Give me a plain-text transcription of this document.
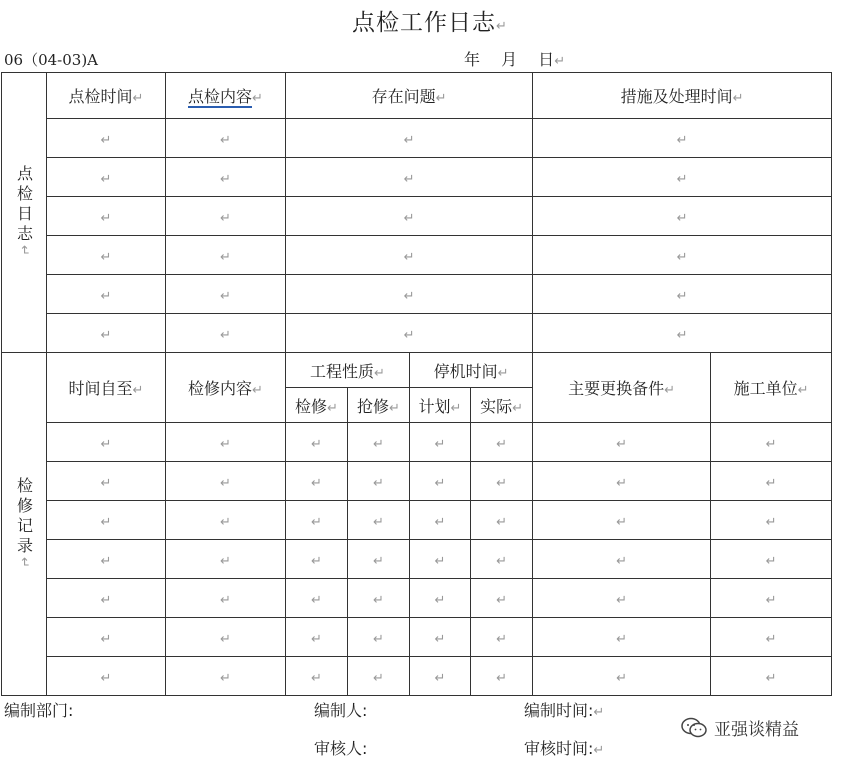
点检工作日志↵
06（04-03)A	年 月 日↵
点检日志↵	点检时间↵	点检内容↵	存在问题↵				措施及处理时间↵	
	↵	↵	↵				↵	
	↵	↵	↵				↵	
	↵	↵	↵				↵	
	↵	↵	↵				↵	
	↵	↵	↵				↵	
	↵	↵	↵				↵	

检修记录↵	时间自至↵	检修内容↵	工程性质↵		停机时间↵		主要更换备件↵	施工单位↵
			检修↵	抢修↵	计划↵	实际↵		
	↵	↵	↵	↵	↵	↵	↵	↵
	↵	↵	↵	↵	↵	↵	↵	↵
	↵	↵	↵	↵	↵	↵	↵	↵
	↵	↵	↵	↵	↵	↵	↵	↵
	↵	↵	↵	↵	↵	↵	↵	↵
	↵	↵	↵	↵	↵	↵	↵	↵
	↵	↵	↵	↵	↵	↵	↵	↵
编制部门:	编制人:	编制时间:↵
审核人:	审核时间:↵
亚强谈精益
